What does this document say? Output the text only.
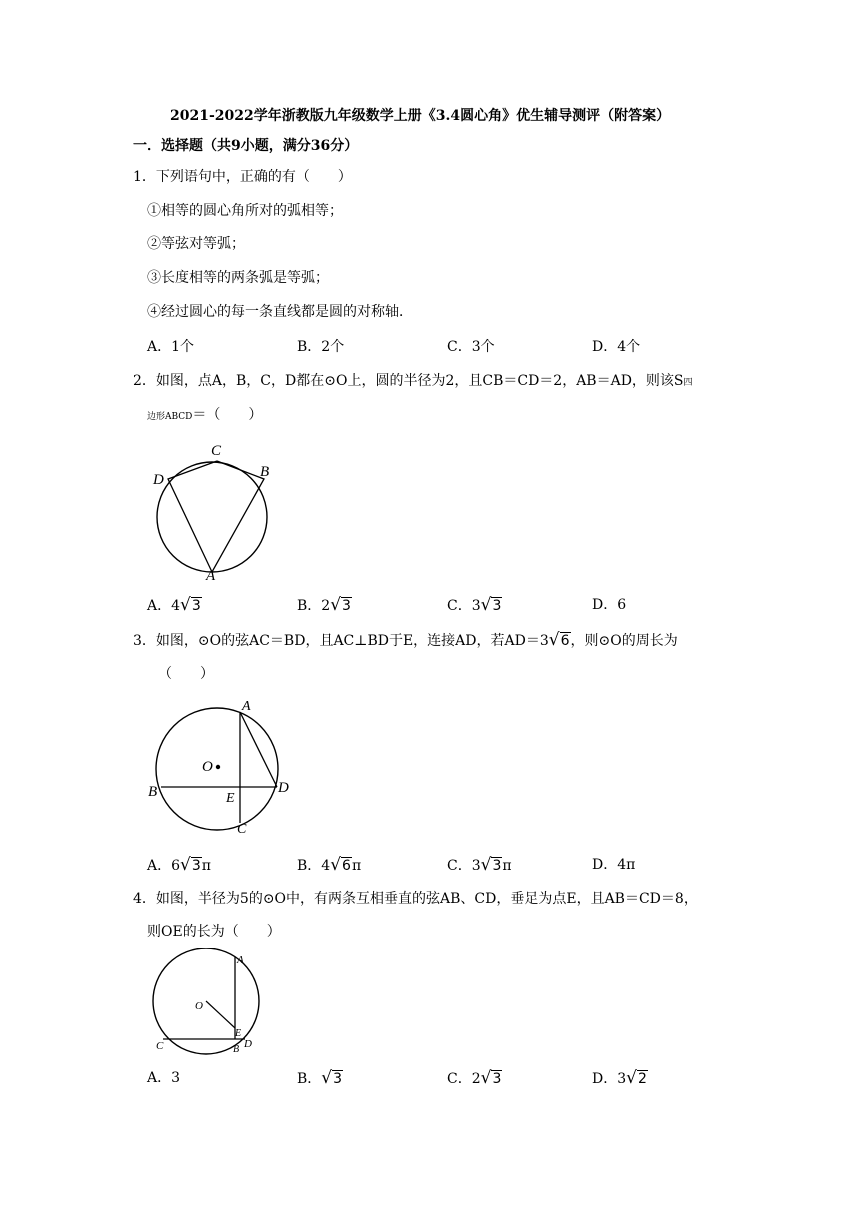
2021-2022学年浙教版九年级数学上册《3.4圆心角》优生辅导测评（附答案）
一．选择题（共9小题，满分36分）
1．下列语句中，正确的有（　　）
①相等的圆心角所对的弧相等；
②等弦对等弧；
③长度相等的两条弧是等弧；
④经过圆心的每一条直线都是圆的对称轴．
A．1个	B．2个	C．3个	D．4个
2．如图，点A，B，C，D都在⊙O上，圆的半径为2，且CB＝CD＝2，AB＝AD，则该S四
边形ABCD＝（　　）
C
D	B
A
A．4√3	B．2√3	C．3√3	D．6
3．如图，⊙O的弦AC＝BD，且AC⊥BD于E，连接AD，若AD＝3√6，则⊙O的周长为
（　　）
A
O
B	E
D
C
A．6√3π	B．4√6π	C．3√3π	D．4π
4．如图，半径为5的⊙O中，有两条互相垂直的弦AB、CD，垂足为点E，且AB＝CD＝8，
则OE的长为（　　）
A
O
C
E
B D
A．3	B．√3	C．2√3	D．3√2
